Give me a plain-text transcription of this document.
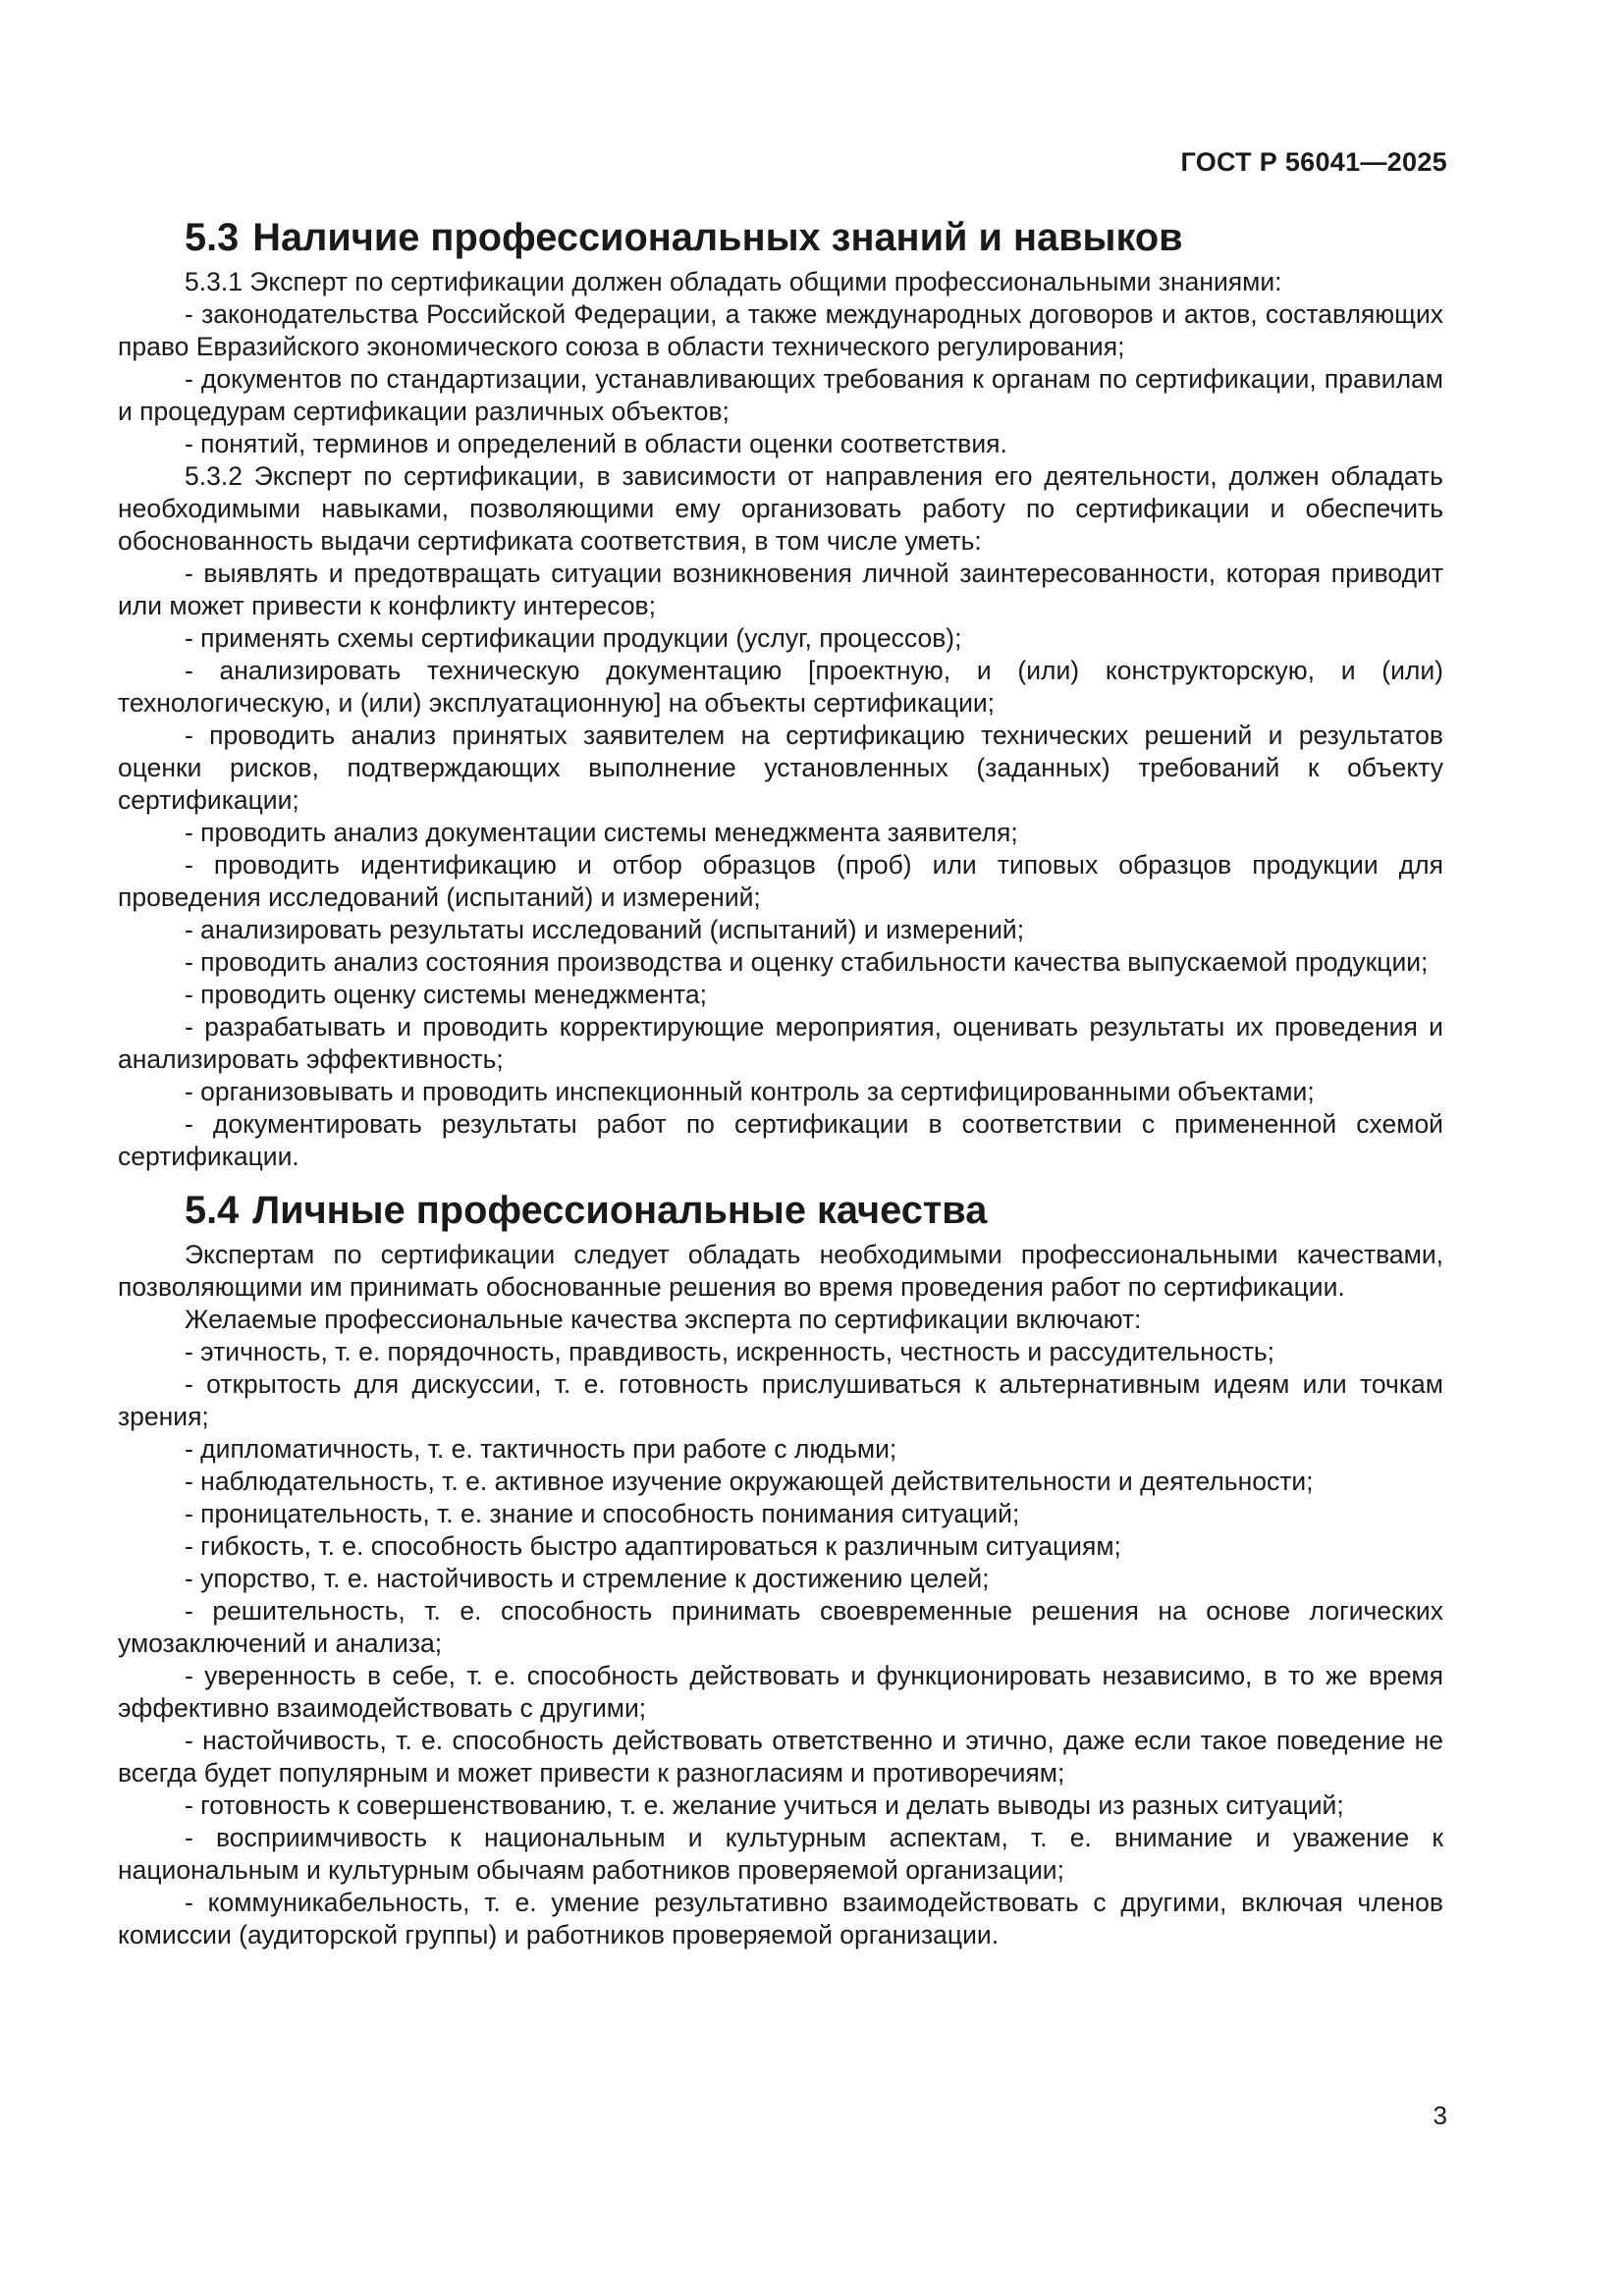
ГОСТ Р 56041—2025
5.3 Наличие профессиональных знаний и навыков

5.3.1 Эксперт по сертификации должен обладать общими профессиональными знаниями:

- законодательства Российской Федерации, а также международных договоров и актов, составляющих право Евразийского экономического союза в области технического регулирования;

- документов по стандартизации, устанавливающих требования к органам по сертификации, правилам и процедурам сертификации различных объектов;

- понятий, терминов и определений в области оценки соответствия.

5.3.2 Эксперт по сертификации, в зависимости от направления его деятельности, должен обладать необходимыми навыками, позволяющими ему организовать работу по сертификации и обеспечить обоснованность выдачи сертификата соответствия, в том числе уметь:

- выявлять и предотвращать ситуации возникновения личной заинтересованности, которая приводит или может привести к конфликту интересов;

- применять схемы сертификации продукции (услуг, процессов);

- анализировать техническую документацию [проектную, и (или) конструкторскую, и (или) технологическую, и (или) эксплуатационную] на объекты сертификации;

- проводить анализ принятых заявителем на сертификацию технических решений и результатов оценки рисков, подтверждающих выполнение установленных (заданных) требований к объекту сертификации;

- проводить анализ документации системы менеджмента заявителя;

- проводить идентификацию и отбор образцов (проб) или типовых образцов продукции для проведения исследований (испытаний) и измерений;

- анализировать результаты исследований (испытаний) и измерений;

- проводить анализ состояния производства и оценку стабильности качества выпускаемой продукции;

- проводить оценку системы менеджмента;

- разрабатывать и проводить корректирующие мероприятия, оценивать результаты их проведения и анализировать эффективность;

- организовывать и проводить инспекционный контроль за сертифицированными объектами;

- документировать результаты работ по сертификации в соответствии с примененной схемой сертификации.

5.4 Личные профессиональные качества

Экспертам по сертификации следует обладать необходимыми профессиональными качествами, позволяющими им принимать обоснованные решения во время проведения работ по сертификации.

Желаемые профессиональные качества эксперта по сертификации включают:

- этичность, т. е. порядочность, правдивость, искренность, честность и рассудительность;

- открытость для дискуссии, т. е. готовность прислушиваться к альтернативным идеям или точкам зрения;

- дипломатичность, т. е. тактичность при работе с людьми;

- наблюдательность, т. е. активное изучение окружающей действительности и деятельности;

- проницательность, т. е. знание и способность понимания ситуаций;

- гибкость, т. е. способность быстро адаптироваться к различным ситуациям;

- упорство, т. е. настойчивость и стремление к достижению целей;

- решительность, т. е. способность принимать своевременные решения на основе логических умозаключений и анализа;

- уверенность в себе, т. е. способность действовать и функционировать независимо, в то же время эффективно взаимодействовать с другими;

- настойчивость, т. е. способность действовать ответственно и этично, даже если такое поведение не всегда будет популярным и может привести к разногласиям и противоречиям;

- готовность к совершенствованию, т. е. желание учиться и делать выводы из разных ситуаций;

- восприимчивость к национальным и культурным аспектам, т. е. внимание и уважение к национальным и культурным обычаям работников проверяемой организации;

- коммуникабельность, т. е. умение результативно взаимодействовать с другими, включая членов комиссии (аудиторской группы) и работников проверяемой организации.

3
